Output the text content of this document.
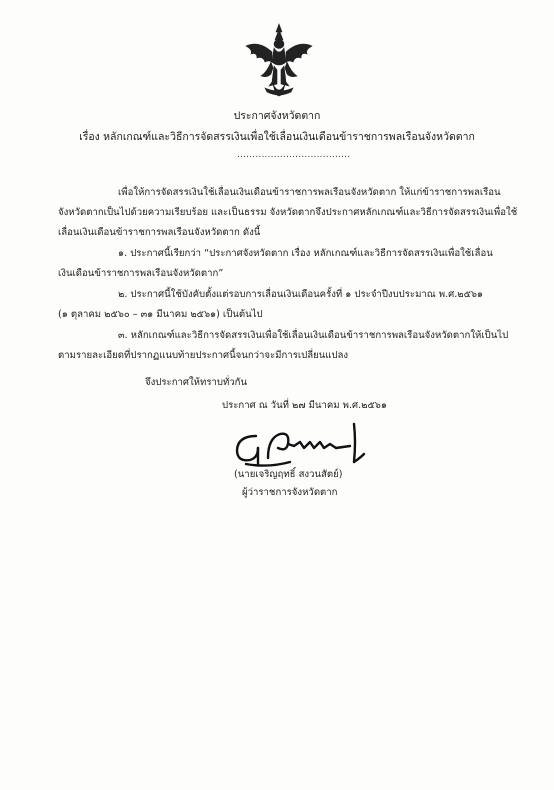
ประกาศจังหวัดตาก
เรื่อง หลักเกณฑ์และวิธีการจัดสรรเงินเพื่อใช้เลื่อนเงินเดือนข้าราชการพลเรือนจังหวัดตาก
.....................................
เพื่อให้การจัดสรรเงินใช้เลื่อนเงินเดือนข้าราชการพลเรือนจังหวัดตาก ให้แก่ข้าราชการพลเรือน
จังหวัดตากเป็นไปด้วยความเรียบร้อย และเป็นธรรม จังหวัดตากจึงประกาศหลักเกณฑ์และวิธีการจัดสรรเงินเพื่อใช้
เลื่อนเงินเดือนข้าราชการพลเรือนจังหวัดตาก ดังนี้
๑. ประกาศนี้เรียกว่า “ประกาศจังหวัดตาก เรื่อง หลักเกณฑ์และวิธีการจัดสรรเงินเพื่อใช้เลื่อน
เงินเดือนข้าราชการพลเรือนจังหวัดตาก”
๒. ประกาศนี้ใช้บังคับตั้งแต่รอบการเลื่อนเงินเดือนครั้งที่ ๑ ประจำปีงบประมาณ พ.ศ.๒๕๖๑
(๑ ตุลาคม ๒๕๖๐ – ๓๑ มีนาคม ๒๕๖๑) เป็นต้นไป
๓. หลักเกณฑ์และวิธีการจัดสรรเงินเพื่อใช้เลื่อนเงินเดือนข้าราชการพลเรือนจังหวัดตากให้เป็นไป
ตามรายละเอียดที่ปรากฏแนบท้ายประกาศนี้จนกว่าจะมีการเปลี่ยนแปลง
จึงประกาศให้ทราบทั่วกัน
ประกาศ ณ วันที่ ๒๗ มีนาคม พ.ศ.๒๕๖๑
(นายเจริญฤทธิ์ สงวนสัตย์)
ผู้ว่าราชการจังหวัดตาก
